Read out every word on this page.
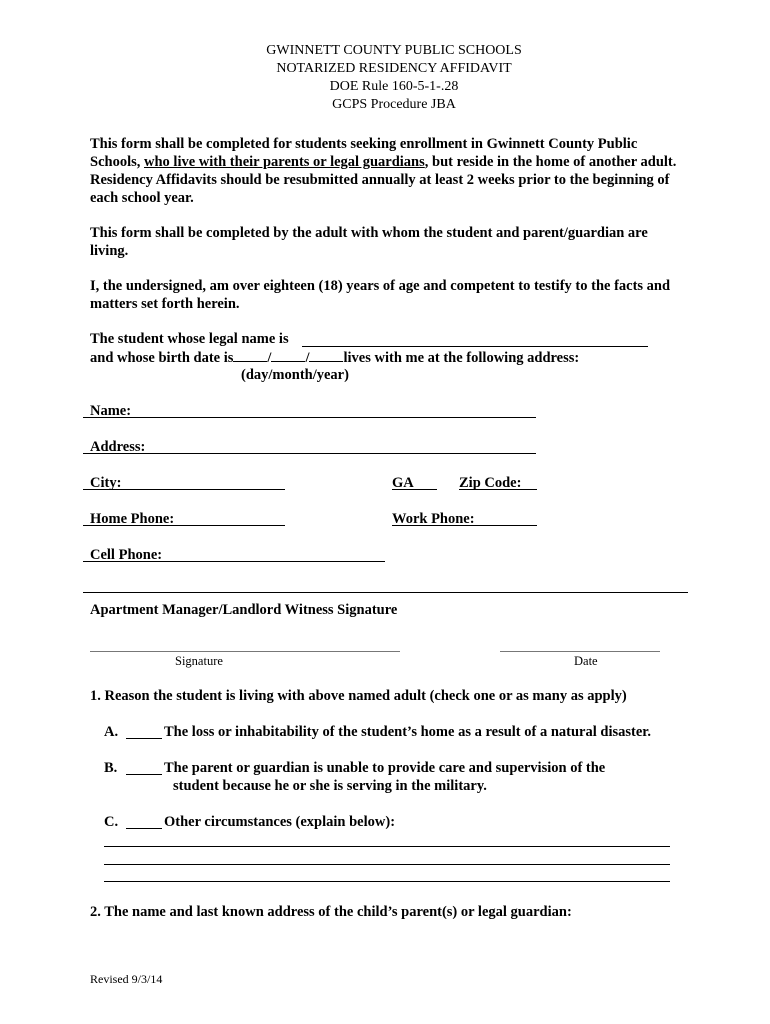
GWINNETT COUNTY PUBLIC SCHOOLS
NOTARIZED RESIDENCY AFFIDAVIT
DOE Rule 160-5-1-.28
GCPS Procedure JBA
This form shall be completed for students seeking enrollment in Gwinnett County Public Schools, who live with their parents or legal guardians, but reside in the home of another adult. Residency Affidavits should be resubmitted annually at least 2 weeks prior to the beginning of each school year.
This form shall be completed by the adult with whom the student and parent/guardian are living.
I, the undersigned, am over eighteen (18) years of age and competent to testify to the facts and matters set forth herein.
The student whose legal name is
and whose birth date is / / lives with me at the following address:
(day/month/year)
Name:
Address:
City:	GA	Zip Code:
Home Phone:	Work Phone:
Cell Phone:
Apartment Manager/Landlord Witness Signature
Signature	Date
1. Reason the student is living with above named adult (check one or as many as apply)
A.	The loss or inhabitability of the student’s home as a result of a natural disaster.
B.	The parent or guardian is unable to provide care and supervision of the
student because he or she is serving in the military.
C.	Other circumstances (explain below):
2. The name and last known address of the child’s parent(s) or legal guardian:
Revised 9/3/14
